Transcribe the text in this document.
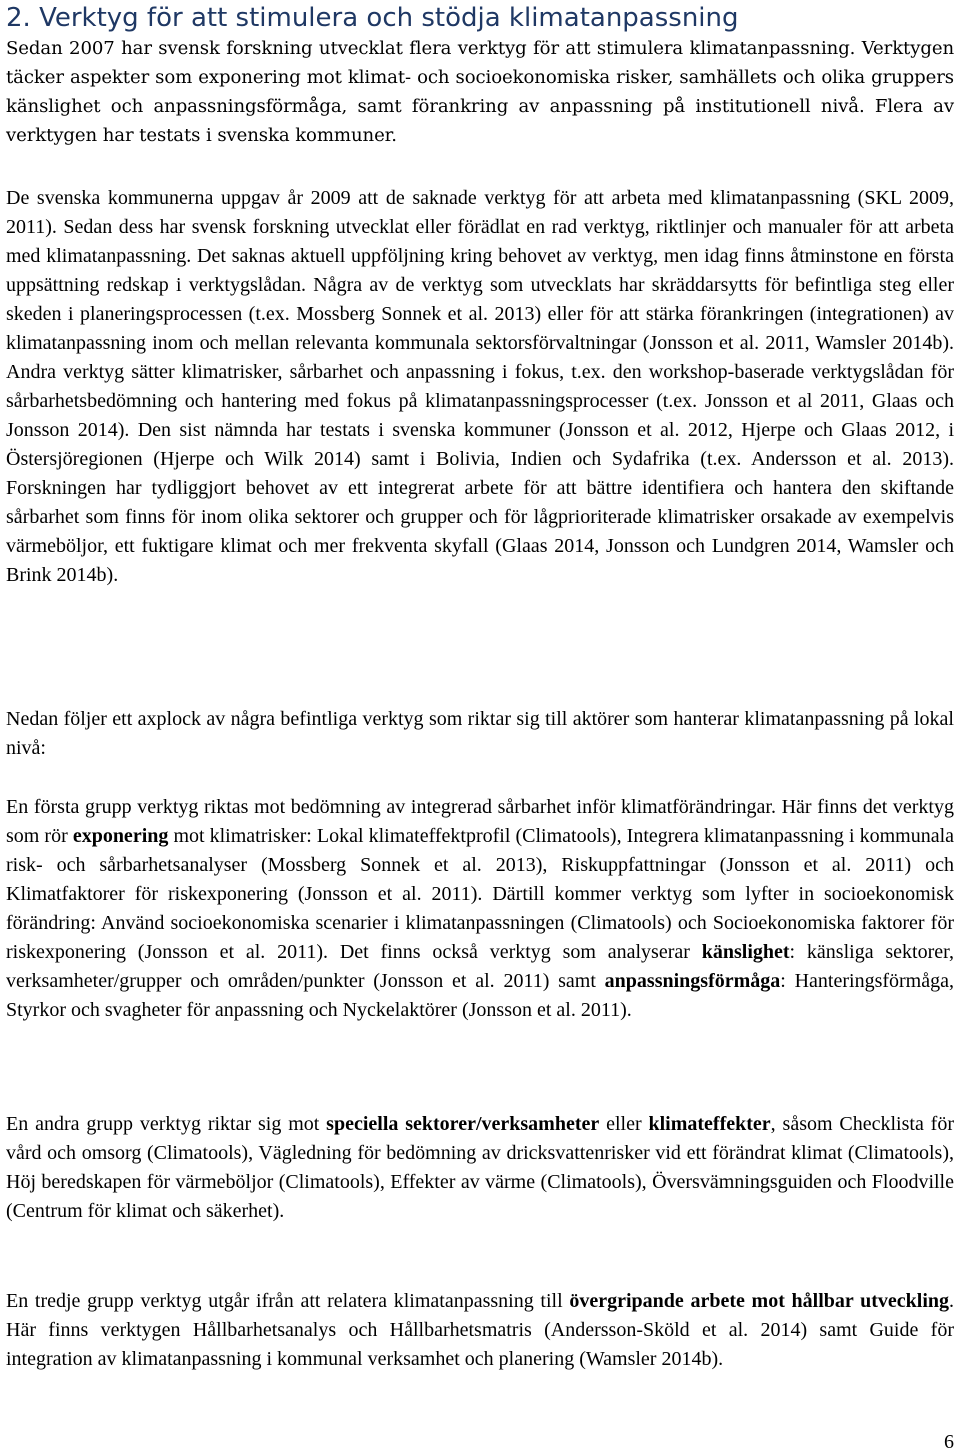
2. Verktyg för att stimulera och stödja klimatanpassning

Sedan 2007 har svensk forskning utvecklat flera verktyg för att stimulera klimatanpassning. Verktygen täcker aspekter som exponering mot klimat- och socioekonomiska risker, samhällets och olika gruppers känslighet och anpassningsförmåga, samt förankring av anpassning på institutionell nivå. Flera av verktygen har testats i svenska kommuner.

De svenska kommunerna uppgav år 2009 att de saknade verktyg för att arbeta med klimatanpassning (SKL 2009, 2011). Sedan dess har svensk forskning utvecklat eller förädlat en rad verktyg, riktlinjer och manualer för att arbeta med klimatanpassning. Det saknas aktuell uppföljning kring behovet av verktyg, men idag finns åtminstone en första uppsättning redskap i verktygslådan. Några av de verktyg som utvecklats har skräddarsytts för befintliga steg eller skeden i planeringsprocessen (t.ex. Mossberg Sonnek et al. 2013) eller för att stärka förankringen (integrationen) av klimatanpassning inom och mellan relevanta kommunala sektorsförvaltningar (Jonsson et al. 2011, Wamsler 2014b). Andra verktyg sätter klimatrisker, sårbarhet och anpassning i fokus, t.ex. den workshop-baserade verktygslådan för sårbarhetsbedömning och hantering med fokus på klimatanpassningsprocesser (t.ex. Jonsson et al 2011, Glaas och Jonsson 2014). Den sist nämnda har testats i svenska kommuner (Jonsson et al. 2012, Hjerpe och Glaas 2012, i Östersjöregionen (Hjerpe och Wilk 2014) samt i Bolivia, Indien och Sydafrika (t.ex. Andersson et al. 2013). Forskningen har tydliggjort behovet av ett integrerat arbete för att bättre identifiera och hantera den skiftande sårbarhet som finns för inom olika sektorer och grupper och för lågprioriterade klimatrisker orsakade av exempelvis värmeböljor, ett fuktigare klimat och mer frekventa skyfall (Glaas 2014, Jonsson och Lundgren 2014, Wamsler och Brink 2014b).

Nedan följer ett axplock av några befintliga verktyg som riktar sig till aktörer som hanterar klimatanpassning på lokal nivå:

En första grupp verktyg riktas mot bedömning av integrerad sårbarhet inför klimatförändringar. Här finns det verktyg som rör exponering mot klimatrisker: Lokal klimateffektprofil (Climatools), Integrera klimatanpassning i kommunala risk- och sårbarhetsanalyser (Mossberg Sonnek et al. 2013), Riskuppfattningar (Jonsson et al. 2011) och Klimatfaktorer för riskexponering (Jonsson et al. 2011). Därtill kommer verktyg som lyfter in socioekonomisk förändring: Använd socioekonomiska scenarier i klimatanpassningen (Climatools) och Socioekonomiska faktorer för riskexponering (Jonsson et al. 2011). Det finns också verktyg som analyserar känslighet: känsliga sektorer, verksamheter/grupper och områden/punkter (Jonsson et al. 2011) samt anpassningsförmåga: Hanteringsförmåga, Styrkor och svagheter för anpassning och Nyckelaktörer (Jonsson et al. 2011).

En andra grupp verktyg riktar sig mot speciella sektorer/verksamheter eller klimateffekter, såsom Checklista för vård och omsorg (Climatools), Vägledning för bedömning av dricksvattenrisker vid ett förändrat klimat (Climatools), Höj beredskapen för värmeböljor (Climatools), Effekter av värme (Climatools), Översvämningsguiden och Floodville (Centrum för klimat och säkerhet).

En tredje grupp verktyg utgår ifrån att relatera klimatanpassning till övergripande arbete mot hållbar utveckling. Här finns verktygen Hållbarhetsanalys och Hållbarhetsmatris (Andersson-Sköld et al. 2014) samt Guide för integration av klimatanpassning i kommunal verksamhet och planering (Wamsler 2014b).

6
